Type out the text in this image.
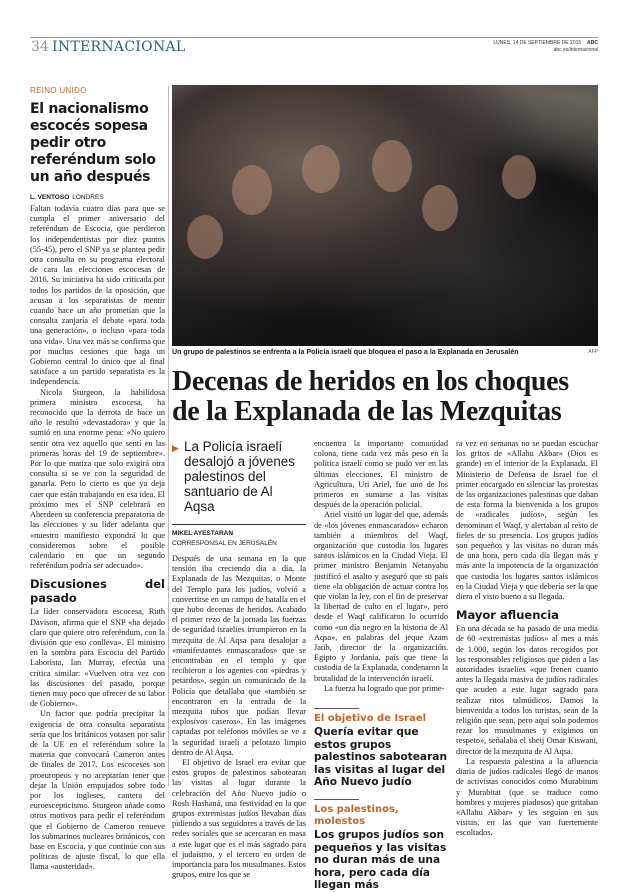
34 INTERNACIONAL	LUNES, 14 DE SEPTIEMBRE DE 2015 ABC
abc.es/internacional
REINO UNIDO
El nacionalismo escocés sopesa pedir otro referéndum solo un año después
L. VENTOSO LONDRES

Faltan todavía cuatro días para que se cumpla el primer aniversario del referéndum de Escocia, que perdieron los independentistas por diez puntos (55-45), pero el SNP ya se plantea pedir otra consulta en su programa electoral de cara las elecciones escocesas de 2016. Su iniciativa ha sido criticada por todos los partidos de la oposición, que acusan a los separatistas de mentir cuando hace un año prometían que la consulta zanjaría el debate «para toda una generación», o incluso «para toda una vida». Una vez más se confirma que por muchas cesiones que haga un Gobierno central lo único que al final satisface a un partido separatista es la independencia.

Nicola Sturgeon, la habilidosa primera ministra escocesa, ha reconocido que la derrota de hace un año le resultó «devastadora» y que la sumió en una enorme pena: «No quiero sentir otra vez aquello que sentí en las primeras horas del 19 de septiembre». Por lo que matiza que solo exigirá otra consulta si se ve con la seguridad de ganarla. Pero lo cierto es que ya deja caer que están trabajando en esa idea. El próximo mes el SNP celebrará en Aberdeen su conferencia preparatoria de las elecciones y su líder adelanta que «nuestro manifiesto expondrá lo que consideremos sobre el posible calendario en que un segundo referéndum podría ser adecuado».

Discusiones del pasado

La líder conservadora escocesa, Ruth Davison, afirma que el SNP «ha dejado claro que quiere otro referéndum, con la división que eso conlleva». El ministro en la sombra para Escocia del Partido Laborista, Ian Murray, efectúa una crítica similar: «Vuelven otra vez con las discusiones del pasado, porque tienen muy poco que ofrecer de su labor de Gobierno».

Un factor que podría precipitar la exigencia de otra consulta separatista sería que los británicos votasen por salir de la UE en el referéndum sobre la materia que convocará Cameron antes de finales de 2017. Los escoceses son proeuropeos y no aceptarían tener que dejar la Unión empujados sobre todo por los ingleses, cantera del euroescepticismo. Sturgeon añade como otros motivos para pedir el referéndum que el Gobierno de Cameron renueve los submarinos nucleares británicos, con base en Escocia, y que continúe con sus políticas de ajuste fiscal, lo que ella llama «austeridad».

Un grupo de palestinos se enfrenta a la Policía israelí que bloquea el paso a la Explanada en Jerusalén	AFP
Decenas de heridos en los choques de la Explanada de las Mezquitas
▶ La Policía israelí desalojó a jóvenes palestinos del santuario de Al Aqsa
MIKEL AYESTARAN
CORRESPONSAL EN JERUSALÉN

Después de una semana en la que tensión iba creciendo día a día, la Explanada de las Mezquitas, o Monte del Templo para los judíos, volvió a convertirse en un campo de batalla en el que hubo decenas de heridos. Acabado el primer rezo de la jornada las fuerzas de seguridad israelíes irrumpieron en la mezquita de Al Aqsa para desalojar a «manifestantes enmascarados» que se encontraban en el templo y que recibieron a los agentes con «piedras y petardos», según un comunicado de la Policía que detallaba que «también se encontraron en la entrada de la mezquita tubos que podían llevar explosivos caseros». En las imágenes captadas por teléfonos móviles se ve a la seguridad israelí a pelotazo limpio dentro de Al Aqsa.

El objetivo de Israel era evitar que estos grupos de palestinos sabotearan las visitas al lugar durante la celebración del Año Nuevo judío o Rosh Hashaná, una festividad en la que grupos extremistas judíos llevaban días pidiendo a sus seguidores a través de las redes sociales que se acercaran en masa a este lugar que es el más sagrado para el judaísmo, y el tercero en orden de importancia para los musulmanes. Estos grupos, entre los que se

encuentra la importante comunidad colona, tiene cada vez más peso en la política israelí como se pudo ver en las últimas elecciones. El ministro de Agricultura, Uri Ariel, fue uno de los primeros en sumarse a las visitas después de la operación policial.

Ariel visitó un lugar del que, además de «los jóvenes enmascarados» echaron también a miembros del Waqf, organización que custodia los lugares santos islámicos en la Ciudad Vieja. El primer ministro Benjamin Netanyahu justificó el asalto y aseguró que su país tiene «la obligación de actuar contra los que violan la ley, con el fin de preservar la libertad de culto en el lugar», pero desde el Waqf calificaron lo ocurrido como «un día negro en la historia de Al Aqsa», en palabras del jeque Azam Jatib, director de la organización. Egipto y Jordania, país que tiene la custodia de la Explanada, condenaron la brutalidad de la intervención israelí.

La fuerza ha logrado que por prime-

El objetivo de Israel
Quería evitar que estos grupos palestinos sabotearan las visitas al lugar del Año Nuevo judío
Los palestinos, molestos
Los grupos judíos son pequeños y las visitas no duran más de una hora, pero cada día llegan más

ra vez en semanas no se puedan escuchar los gritos de «Allahu Akbar» (Dios es grande) en el interior de la Explanada. El Ministerio de Defensa de Israel fue el primer encargado en silenciar las protestas de las organizaciones palestinas que daban de esta forma la bienvenida a los grupos de «radicales judíos», según les denominan el Waqf, y alertaban al resto de fieles de su presencia. Los grupos judíos son pequeños y las visitas no duran más de una hora, pero cada día llegan más y más ante la impotencia de la organización que custodia los lugares santos islámicos en la Ciudad Vieja y que debería ser la que diera el visto bueno a su llegada.

Mayor afluencia

En una década se ha pasado de una media de 60 «extremistas judíos» al mes a más de 1.000, según los datos recogidos por los responsables religiosos que piden a las autoridades israelíes «que frenen cuanto antes la llegada masiva de judíos radicales que acuden a este lugar sagrado para realizar ritos talmúdicos. Damos la bienvenida a todos los turistas, sean de la religión que sean, pero aquí solo podemos rezar los musulmanes y exigimos un respeto», señalaba el sheij Omar Kiswani, director de la mezquita de Al Aqsa.

La respuesta palestina a la afluencia diaria de judíos radicales llegó de manos de activistas conocidos como Murabitum y Murabitat (que se traduce como hombres y mujeres piadosos) que gritaban «Allahu Akbar» y les seguían en sus visitas, en las que van fuertemente escoltados.
